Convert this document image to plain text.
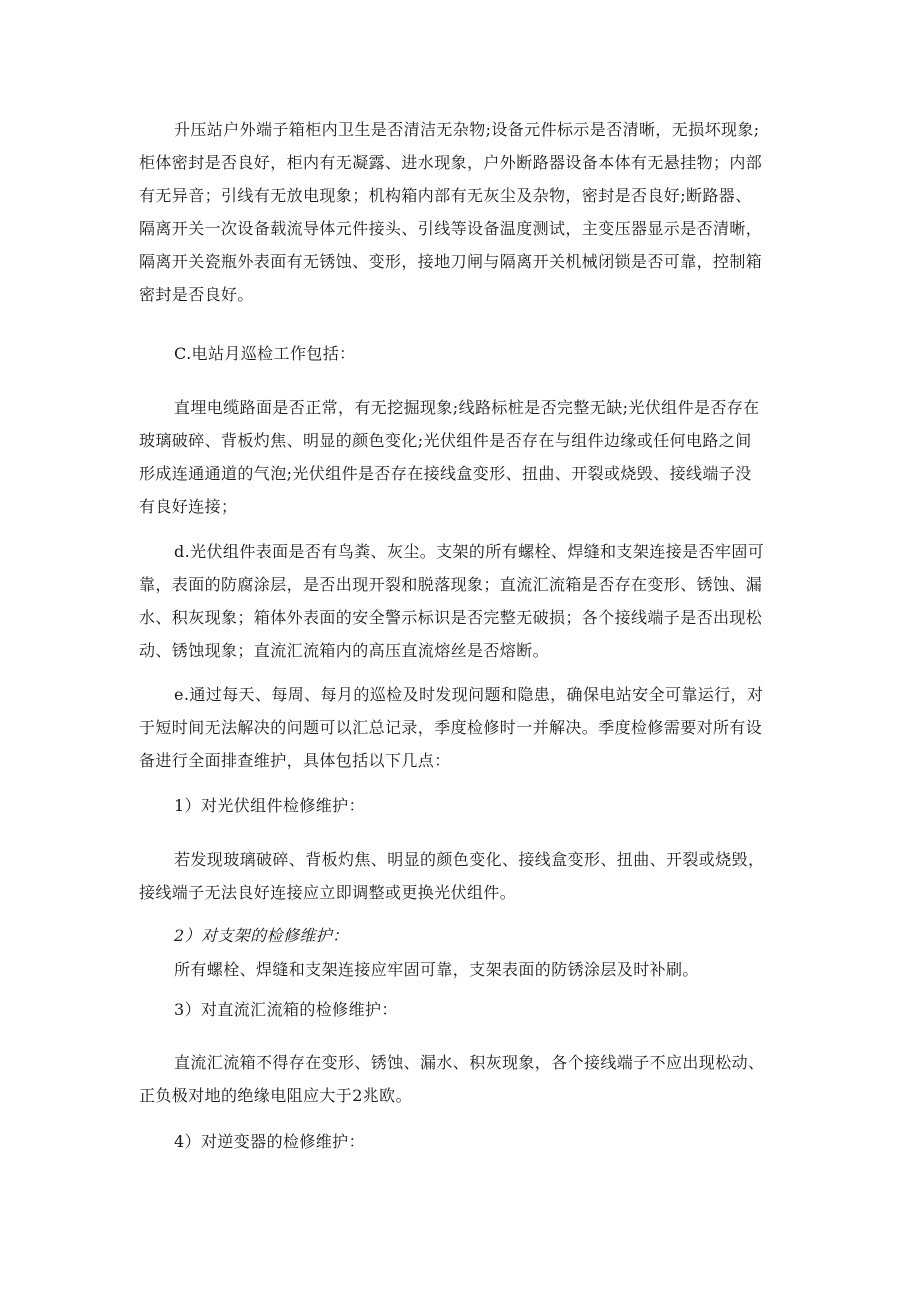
升压站户外端子箱柜内卫生是否清洁无杂物;设备元件标示是否清晰，无损坏现象;

柜体密封是否良好，柜内有无凝露、进水现象，户外断路器设备本体有无悬挂物；内部

有无异音；引线有无放电现象；机构箱内部有无灰尘及杂物，密封是否良好;断路器、

隔离开关一次设备载流导体元件接头、引线等设备温度测试，主变压器显示是否清晰，

隔离开关瓷瓶外表面有无锈蚀、变形，接地刀闸与隔离开关机械闭锁是否可靠，控制箱

密封是否良好。

C.电站月巡检工作包括：

直埋电缆路面是否正常，有无挖掘现象;线路标桩是否完整无缺;光伏组件是否存在

玻璃破碎、背板灼焦、明显的颜色变化;光伏组件是否存在与组件边缘或任何电路之间

形成连通通道的气泡;光伏组件是否存在接线盒变形、扭曲、开裂或烧毁、接线端子没

有良好连接；

d.光伏组件表面是否有鸟粪、灰尘。支架的所有螺栓、焊缝和支架连接是否牢固可

靠，表面的防腐涂层，是否出现开裂和脱落现象；直流汇流箱是否存在变形、锈蚀、漏

水、积灰现象；箱体外表面的安全警示标识是否完整无破损；各个接线端子是否出现松

动、锈蚀现象；直流汇流箱内的高压直流熔丝是否熔断。

e.通过每天、每周、每月的巡检及时发现问题和隐患，确保电站安全可靠运行，对

于短时间无法解决的问题可以汇总记录，季度检修时一并解决。季度检修需要对所有设

备进行全面排查维护，具体包括以下几点：

1）对光伏组件检修维护：

若发现玻璃破碎、背板灼焦、明显的颜色变化、接线盒变形、扭曲、开裂或烧毁，

接线端子无法良好连接应立即调整或更换光伏组件。

2）对支架的检修维护：

所有螺栓、焊缝和支架连接应牢固可靠，支架表面的防锈涂层及时补刷。

3）对直流汇流箱的检修维护：

直流汇流箱不得存在变形、锈蚀、漏水、积灰现象，各个接线端子不应出现松动、

正负极对地的绝缘电阻应大于2兆欧。

4）对逆变器的检修维护：
